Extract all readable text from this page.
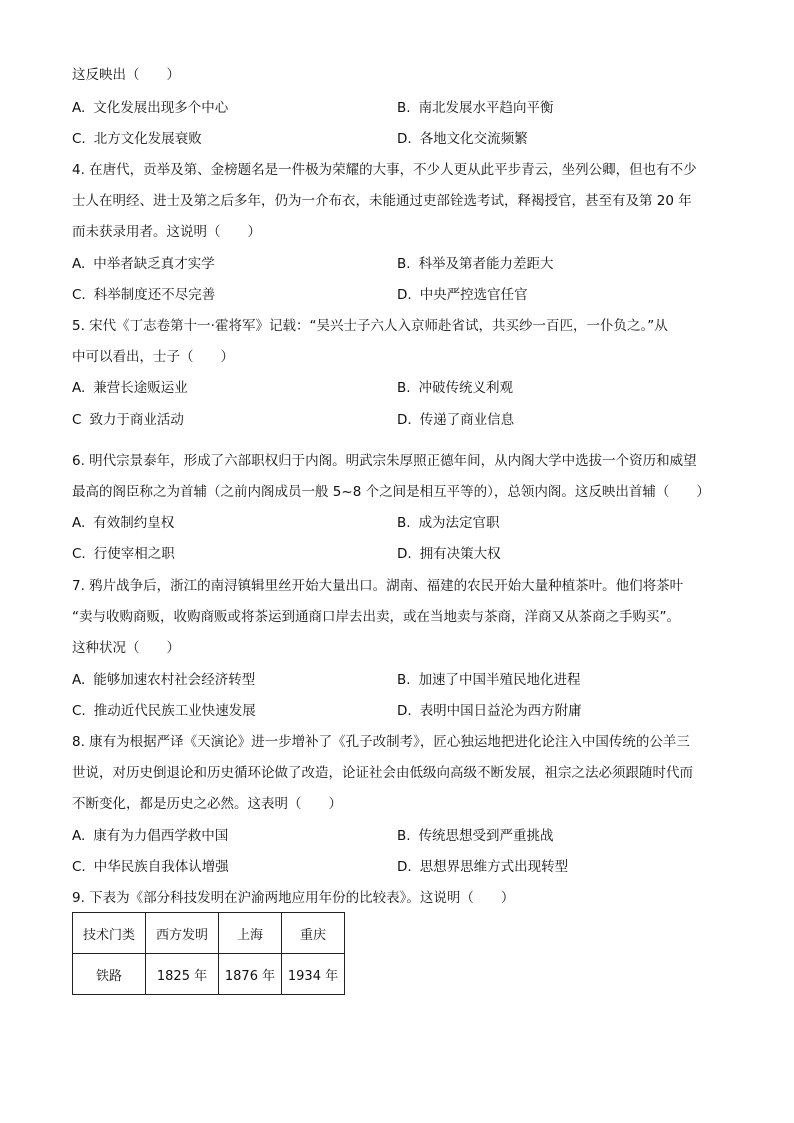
这反映出（　　）
A. 文化发展出现多个中心	B. 南北发展水平趋向平衡
C. 北方文化发展衰败	D. 各地文化交流频繁
4. 在唐代，贡举及第、金榜题名是一件极为荣耀的大事，不少人更从此平步青云，坐列公卿，但也有不少
士人在明经、进士及第之后多年，仍为一介布衣，未能通过吏部铨选考试，释褐授官，甚至有及第 20 年
而未获录用者。这说明（　　）
A. 中举者缺乏真才实学	B. 科举及第者能力差距大
C. 科举制度还不尽完善	D. 中央严控选官任官
5. 宋代《丁志卷第十一·霍将军》记载：“吴兴士子六人入京师赴省试，共买纱一百匹，一仆负之。”从
中可以看出，士子（　　）
A. 兼营长途贩运业	B. 冲破传统义利观
C 致力于商业活动	D. 传递了商业信息
6. 明代宗景泰年，形成了六部职权归于内阁。明武宗朱厚照正德年间，从内阁大学中选拔一个资历和威望
最高的阁臣称之为首辅（之前内阁成员一般 5~8 个之间是相互平等的），总领内阁。这反映出首辅（　　）
A. 有效制约皇权	B. 成为法定官职
C. 行使宰相之职	D. 拥有决策大权
7. 鸦片战争后，浙江的南浔镇辑里丝开始大量出口。湖南、福建的农民开始大量种植茶叶。他们将茶叶
“卖与收购商贩，收购商贩或将茶运到通商口岸去出卖，或在当地卖与茶商，洋商又从茶商之手购买”。
这种状况（　　）
A. 能够加速农村社会经济转型	B. 加速了中国半殖民地化进程
C. 推动近代民族工业快速发展	D. 表明中国日益沦为西方附庸
8. 康有为根据严译《天演论》进一步增补了《孔子改制考》，匠心独运地把进化论注入中国传统的公羊三
世说，对历史倒退论和历史循环论做了改造，论证社会由低级向高级不断发展，祖宗之法必须跟随时代而
不断变化，都是历史之必然。这表明（　　）
A. 康有为力倡西学救中国	B. 传统思想受到严重挑战
C. 中华民族自我体认增强	D. 思想界思维方式出现转型
9. 下表为《部分科技发明在沪渝两地应用年份的比较表》。这说明（　　）
技术门类	西方发明	上海	重庆
铁路	1825 年	1876 年	1934 年
